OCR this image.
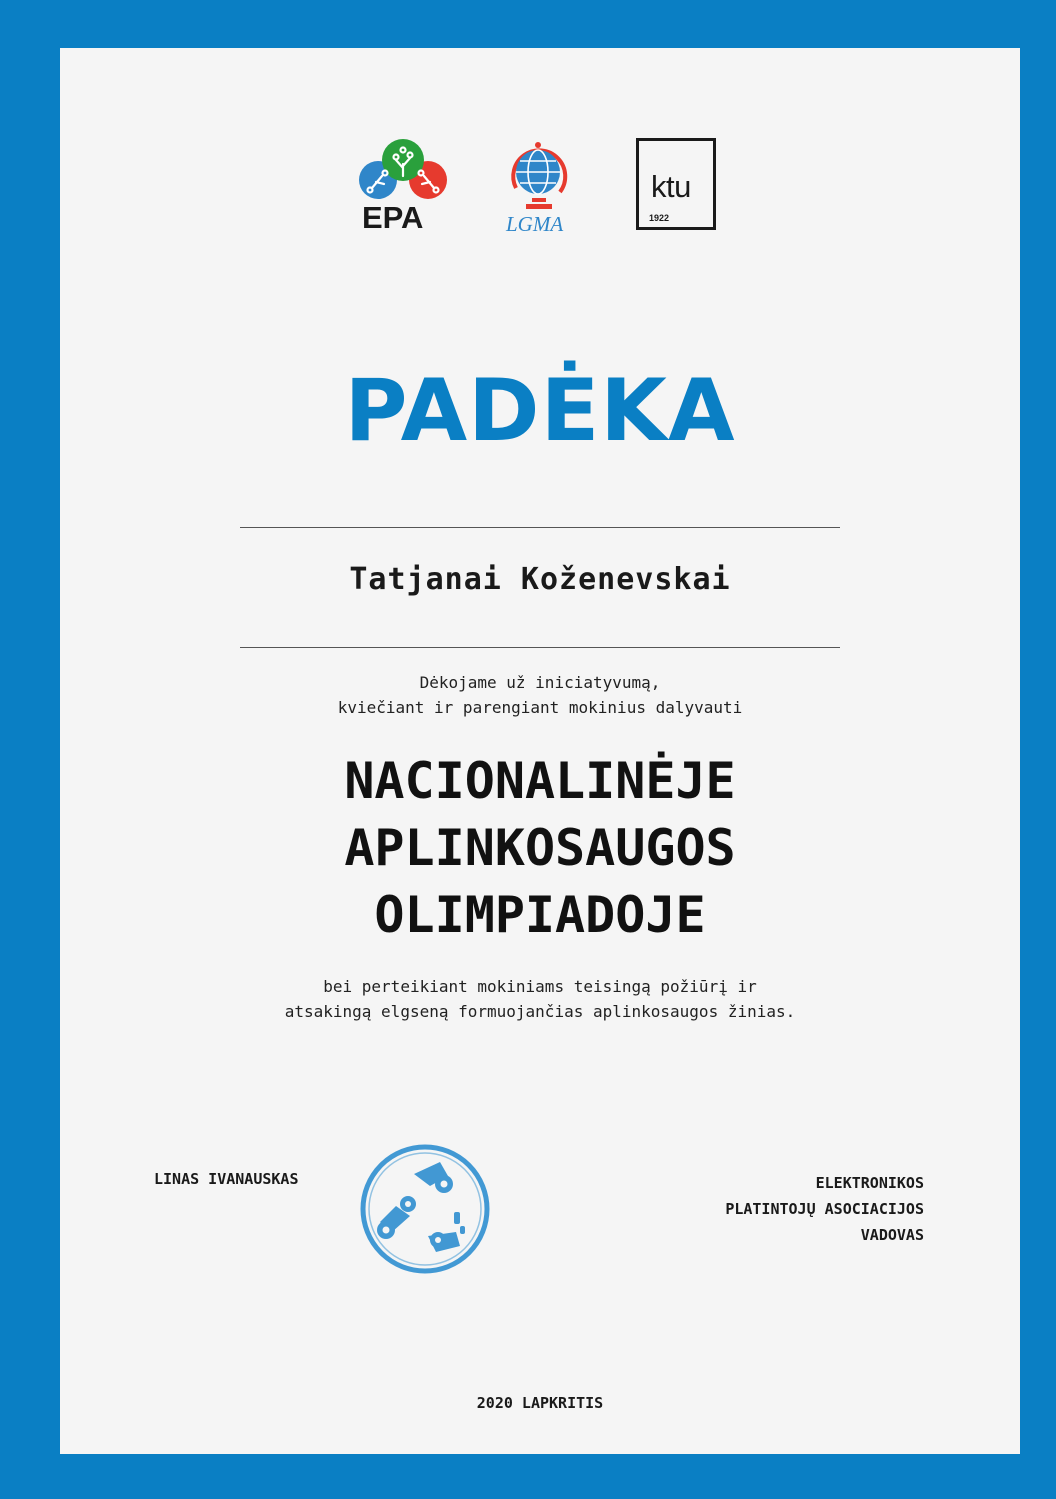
EPA	LGMA
ktu
1922
PADĖKA
Tatjanai Koženevskai
Dėkojame už iniciatyvumą,
kviečiant ir parengiant mokinius dalyvauti
NACIONALINĖJE
APLINKOSAUGOS
OLIMPIADOJE
bei perteikiant mokiniams teisingą požiūrį ir
atsakingą elgseną formuojančias aplinkosaugos žinias.
LINAS IVANAUSKAS	ELEKTRONIKOS
PLATINTOJŲ ASOCIACIJOS
VADOVAS
2020 LAPKRITIS
